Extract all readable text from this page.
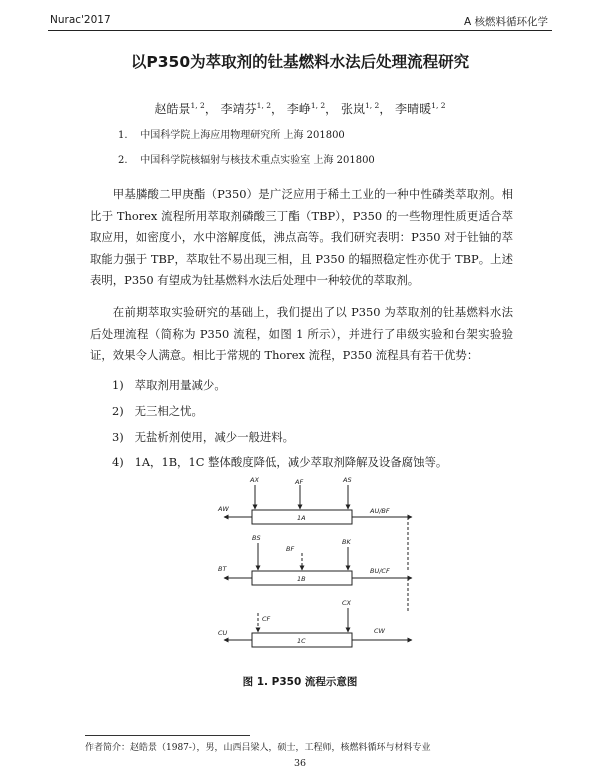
Nurac'2017	A 核燃料循环化学
以P350为萃取剂的钍基燃料水法后处理流程研究
赵皓景$^{1, 2}$， 李靖芬$^{1, 2}$， 李峥$^{1, 2}$， 张岚$^{1, 2}$， 李晴暖$^{1, 2}$
1. 中国科学院上海应用物理研究所 上海 201800
2. 中国科学院核辐射与核技术重点实验室 上海 201800
甲基膦酸二甲庚酯（P350）是广泛应用于稀土工业的一种中性磷类萃取剂。相比于 Thorex 流程所用萃取剂磷酸三丁酯（TBP），P350 的一些物理性质更适合萃取应用，如密度小，水中溶解度低，沸点高等。我们研究表明：P350 对于钍铀的萃取能力强于 TBP，萃取钍不易出现三相，且 P350 的辐照稳定性亦优于 TBP。上述表明，P350 有望成为钍基燃料水法后处理中一种较优的萃取剂。
在前期萃取实验研究的基础上，我们提出了以 P350 为萃取剂的钍基燃料水法后处理流程（简称为 P350 流程，如图 1 所示），并进行了串级实验和台架实验验证，效果令人满意。相比于常规的 Thorex 流程，P350 流程具有若干优势：
1) 萃取剂用量减少。
2) 无三相之忧。
3) 无盐析剂使用，减少一般进料。
4) 1A，1B，1C 整体酸度降低，减少萃取剂降解及设备腐蚀等。
AX	AF	AS
AW	AU/BF
BS
BF
BK
BT	BU/CF
CF
CX
CU	CW
1A
1B
1C
图 1. P350 流程示意图
作者简介：赵皓景（1987-），男，山西吕梁人，硕士，工程师，核燃料循环与材料专业
36
